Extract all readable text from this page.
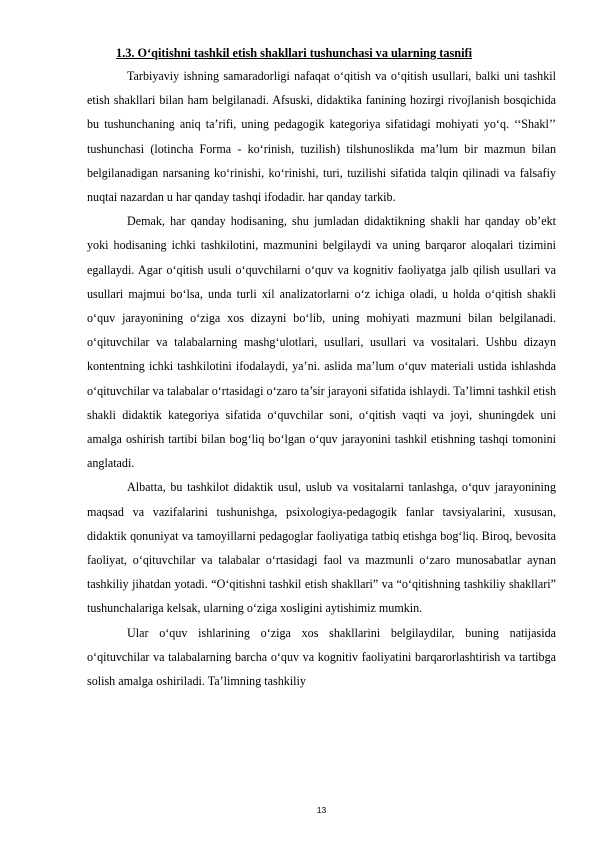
1.3. O‘qitishni tashkil etish shakllari tushunchasi va ularning tasnifi

Tarbiyaviy ishning samaradorligi nafaqat o‘qitish va o‘qitish usullari, balki uni tashkil etish shakllari bilan ham belgilanadi. Afsuski, didaktika fanining hozirgi rivojlanish bosqichida bu tushunchaning aniq ta’rifi, uning pedagogik kategoriya sifatidagi mohiyati yo‘q. ‘‘Shakl’’ tushunchasi (lotincha Forma - ko‘rinish, tuzilish) tilshunoslikda ma’lum bir mazmun bilan belgilanadigan narsaning ko‘rinishi, ko‘rinishi, turi, tuzilishi sifatida talqin qilinadi va falsafiy nuqtai nazardan u har qanday tashqi ifodadir. har qanday tarkib.

Demak, har qanday hodisaning, shu jumladan didaktikning shakli har qanday ob’ekt yoki hodisaning ichki tashkilotini, mazmunini belgilaydi va uning barqaror aloqalari tizimini egallaydi. Agar o‘qitish usuli o‘quvchilarni o‘quv va kognitiv faoliyatga jalb qilish usullari va usullari majmui bo‘lsa, unda turli xil analizatorlarni o‘z ichiga oladi, u holda o‘qitish shakli o‘quv jarayonining o‘ziga xos dizayni bo‘lib, uning mohiyati mazmuni bilan belgilanadi. o‘qituvchilar va talabalarning mashg‘ulotlari, usullari, usullari va vositalari. Ushbu dizayn kontentning ichki tashkilotini ifodalaydi, ya’ni. aslida ma’lum o‘quv materiali ustida ishlashda o‘qituvchilar va talabalar o‘rtasidagi o‘zaro ta’sir jarayoni sifatida ishlaydi. Ta’limni tashkil etish shakli didaktik kategoriya sifatida o‘quvchilar soni, o‘qitish vaqti va joyi, shuningdek uni amalga oshirish tartibi bilan bog‘liq bo‘lgan o‘quv jarayonini tashkil etishning tashqi tomonini anglatadi.

Albatta, bu tashkilot didaktik usul, uslub va vositalarni tanlashga, o‘quv jarayonining maqsad va vazifalarini tushunishga, psixologiya-pedagogik fanlar tavsiyalarini, xususan, didaktik qonuniyat va tamoyillarni pedagoglar faoliyatiga tatbiq etishga bog‘liq. Biroq, bevosita faoliyat, o‘qituvchilar va talabalar o‘rtasidagi faol va mazmunli o‘zaro munosabatlar aynan tashkiliy jihatdan yotadi. “O‘qitishni tashkil etish shakllari” va “o‘qitishning tashkiliy shakllari” tushunchalariga kelsak, ularning o‘ziga xosligini aytishimiz mumkin.

Ular o‘quv ishlarining o‘ziga xos shakllarini belgilaydilar, buning natijasida o‘qituvchilar va talabalarning barcha o‘quv va kognitiv faoliyatini barqarorlashtirish va tartibga solish amalga oshiriladi. Ta’limning tashkiliy

13
